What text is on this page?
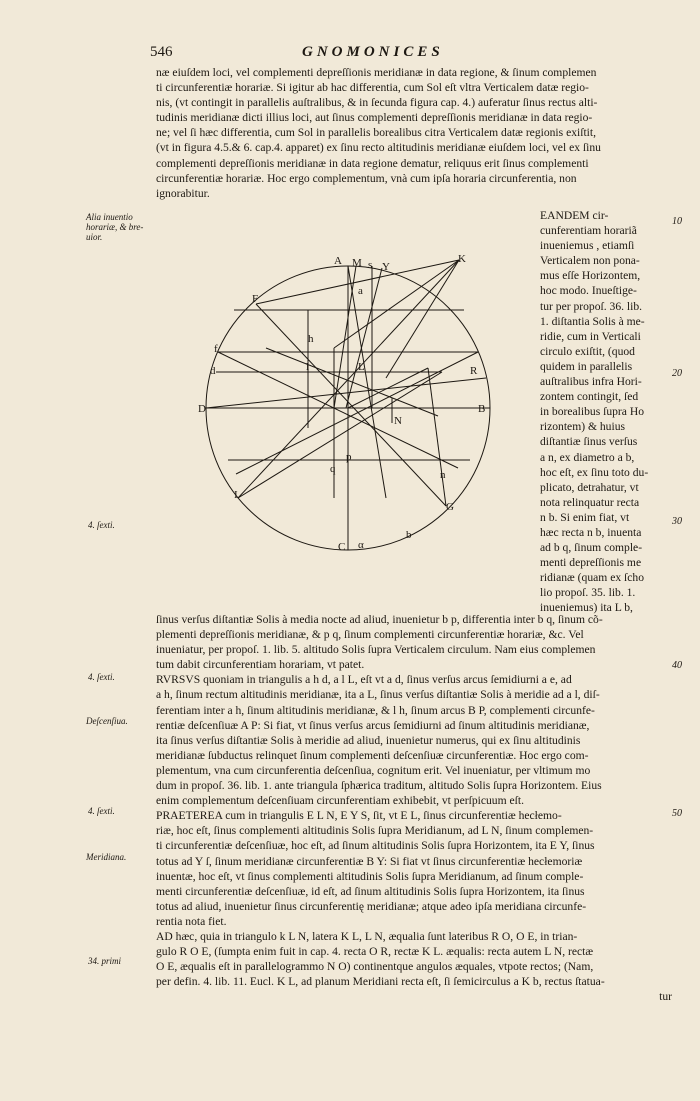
546	GNOMONICES
næ eiuſdem loci, vel complementi depreſſionis meridianæ in data regione, & ſinum complemen
ti circunferentiæ horariæ. Si igitur ab hac differentia, cum Sol eſt vltra Verticalem datæ regio-
nis, (vt contingit in parallelis auſtralibus, & in ſecunda figura cap. 4.) auferatur ſinus rectus alti-
tudinis meridianæ dicti illius loci, aut ſinus complementi depreſſionis meridianæ in data regio-
ne; vel ſi hæc differentia, cum Sol in parallelis borealibus citra Verticalem datæ regionis exiſtit,
(vt in figura 4.5.& 6. cap.4. apparet) ex ſinu recto altitudinis meridianæ eiuſdem loci, vel ex ſinu
complementi depreſſionis meridianæ in data regione dematur, reliquus erit ſinus complementi
circunferentiæ horariæ. Hoc ergo complementum, vnà cum ipſa horaria circunferentia, non
ignorabitur.
EANDEM cir-
cunferentiam horariã
inueniemus , etiamſi
Verticalem non pona-
mus eſſe Horizontem,
hoc modo. Inueſtige-
tur per propoſ. 36. lib.
1. diſtantia Solis à me-
ridie, cum in Verticali
circulo exiſtit, (quod
quidem in parallelis
auſtralibus infra Hori-
zontem contingit, ſed
in borealibus ſupra Ho
rizontem) & huius
diſtantiæ ſinus verſus
a n, ex diametro a b,
hoc eſt, ex ſinu toto du-
plicato, detrahatur, vt
nota relinquatur recta
n b. Si enim fiat, vt
hæc recta n b, inuenta
ad b q, ſinum comple-
menti depreſſionis me
ridianæ (quam ex ſcho
lio propoſ. 35. lib. 1.
inueniemus) ita L b,
ſinus verſus diſtantiæ Solis à media nocte ad aliud, inuenietur b p, differentia inter b q, ſinum cõ-
plementi depreſſionis meridianæ, & p q, ſinum complementi circunferentiæ horariæ, &c. Vel
inueniatur, per propoſ. 1. lib. 5. altitudo Solis ſupra Verticalem circulum. Nam eius complemen
tum dabit circunferentiam horariam, vt patet.
RVRSVS quoniam in triangulis a h d, a l L, eſt vt a d, ſinus verſus arcus ſemidiurni a e, ad
a h, ſinum rectum altitudinis meridianæ, ita a L, ſinus verſus diſtantiæ Solis à meridie ad a l, diſ-
ferentiam inter a h, ſinum altitudinis meridianæ, & l h, ſinum arcus B P, complementi circunfe-
rentiæ deſcenſiuæ A P: Si fiat, vt ſinus verſus arcus ſemidiurni ad ſinum altitudinis meridianæ,
ita ſinus verſus diſtantiæ Solis à meridie ad aliud, inuenietur numerus, qui ex ſinu altitudinis
meridianæ ſubductus relinquet ſinum complementi deſcenſiuæ circunferentiæ. Hoc ergo com-
plementum, vna cum circunferentia deſcenſiua, cognitum erit. Vel inueniatur, per vltimum mo
dum in propoſ. 36. lib. 1. ante triangula ſphærica traditum, altitudo Solis ſupra Horizontem. Eius
enim complementum deſcenſiuam circunferentiam exhibebit, vt perſpicuum eſt.
PRAETEREA cum in triangulis E L N, E Y S, ſit, vt E L, ſinus circunferentiæ hecłemo-
riæ, hoc eſt, ſinus complementi altitudinis Solis ſupra Meridianum, ad L N, ſinum complemen-
ti circunferentiæ deſcenſiuæ, hoc eſt, ad ſinum altitudinis Solis ſupra Horizontem, ita E Y, ſinus
totus ad Y ſ, ſinum meridianæ circunferentiæ B Y: Si fiat vt ſinus circunferentiæ hecłemoriæ
inuentæ, hoc eſt, vt ſinus complementi altitudinis Solis ſupra Meridianum, ad ſinum comple-
menti circunferentiæ deſcenſiuæ, id eſt, ad ſinum altitudinis Solis ſupra Horizontem, ita ſinus
totus ad aliud, inuenietur ſinus circunferentię meridianæ; atque adeo ipſa meridiana circunfe-
rentia nota fiet.
AD hæc, quia in triangulo k L N, latera K L, L N, æqualia ſunt lateribus R O, O E, in trian-
gulo R O E, (ſumpta enim fuit in cap. 4. recta O R, rectæ K L. æqualis: recta autem L N, rectæ
O E, æqualis eſt in parallelogrammo N O) continentque angulos æquales, vtpote rectos; (Nam,
per defin. 4. lib. 11. Eucl. K L, ad planum Meridiani recta eſt, ſi ſemicirculus a K b, rectus ſtatua-
tur
Alia inuentio horariæ, & bre-uior.
4. ſexti.
4. ſexti.
Deſcenſiua.
4. ſexti.
Meridiana.
34. primi
10
20
30
40
50
A M s Y
K
F
f
D
d
h
l	L
N
R
B
q
p
n
b
a
I
G
C α
